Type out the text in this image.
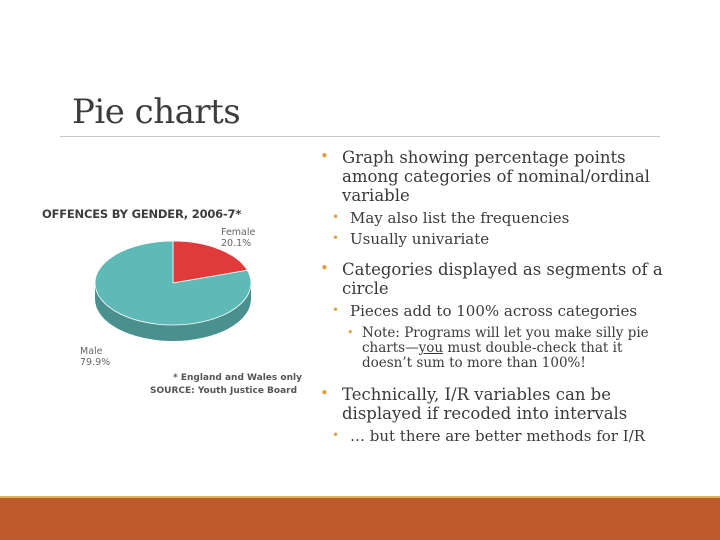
Pie charts
OFFENCES BY GENDER, 2006-7*
Female
20.1%
Male
79.9%
* England and Wales only
SOURCE: Youth Justice Board
• Graph showing percentage points among categories of nominal/ordinal variable
• May also list the frequencies
• Usually univariate
• Categories displayed as segments of a circle
• Pieces add to 100% across categories
• Note: Programs will let you make silly pie charts—you must double-check that it doesn’t sum to more than 100%!
• Technically, I/R variables can be displayed if recoded into intervals
• … but there are better methods for I/R
